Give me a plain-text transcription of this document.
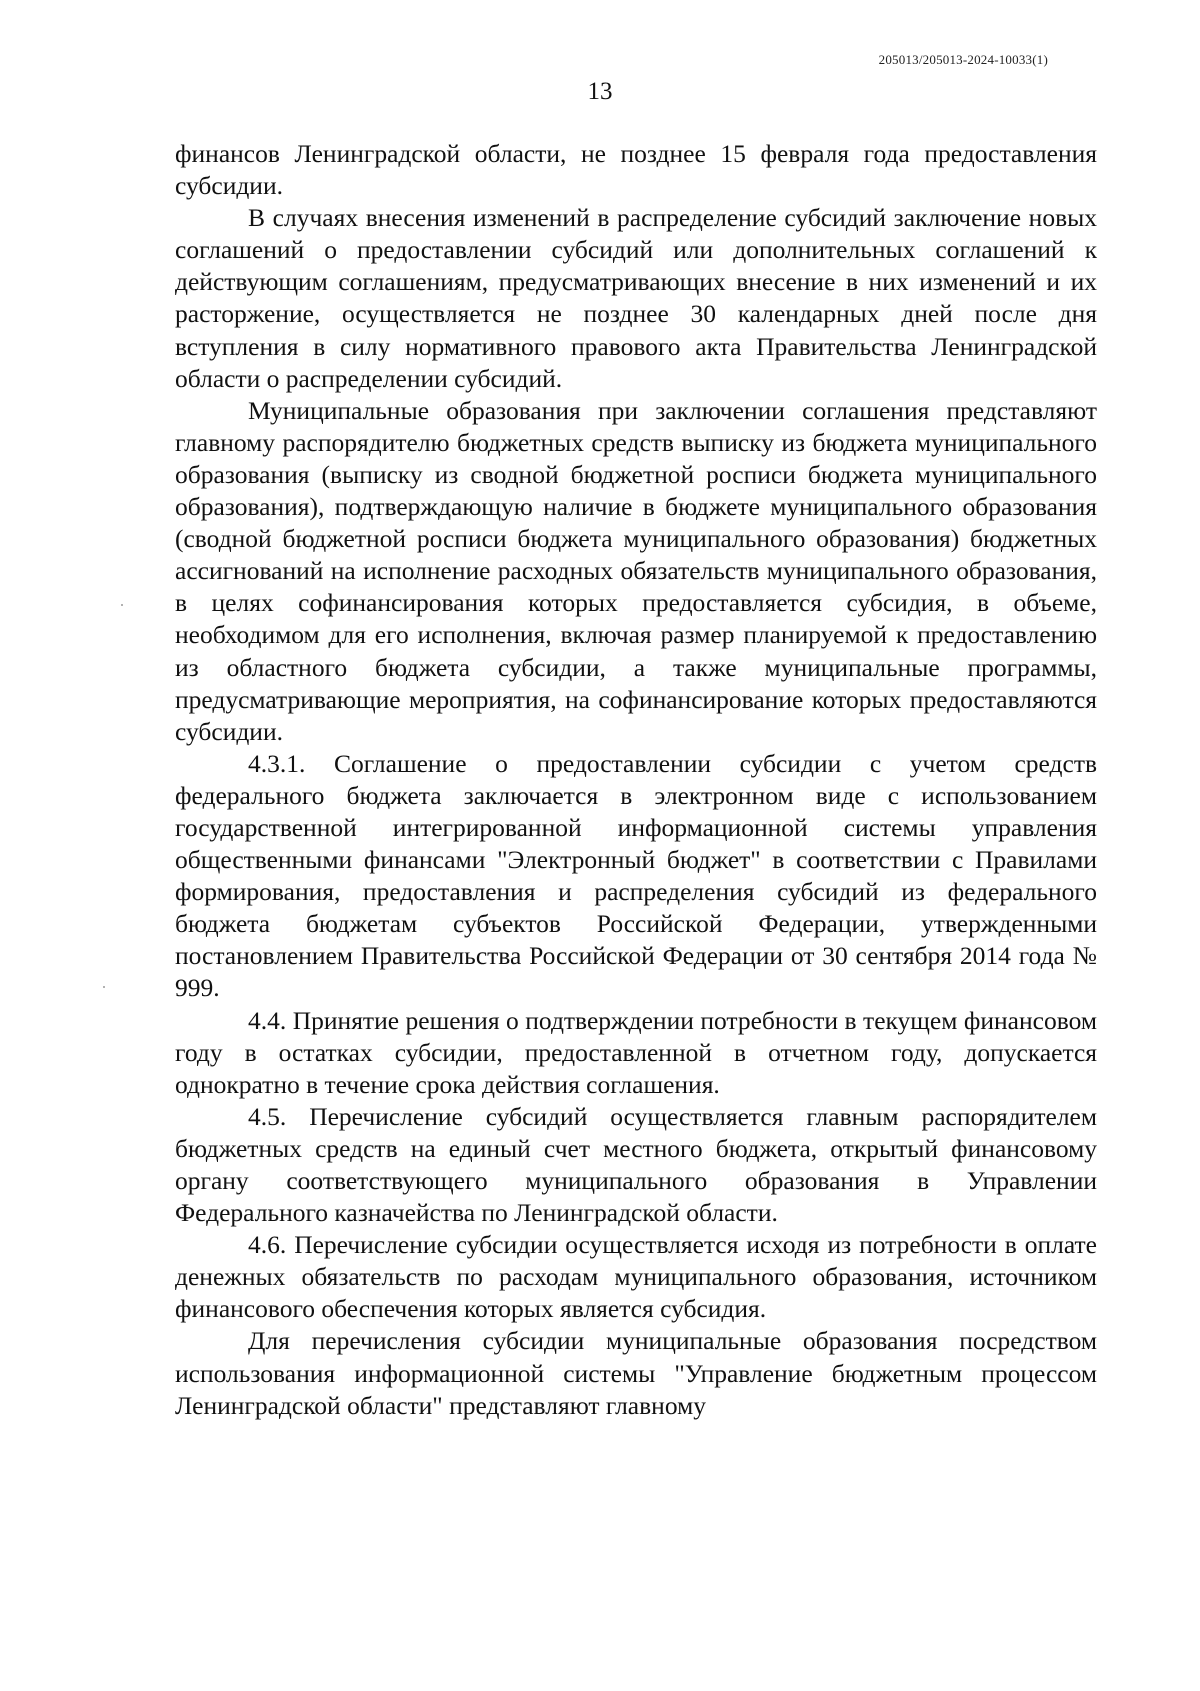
205013/205013-2024-10033(1)
13

финансов Ленинградской области, не позднее 15 февраля года предоставления субсидии.

В случаях внесения изменений в распределение субсидий заключение новых соглашений о предоставлении субсидий или дополнительных соглашений к действующим соглашениям, предусматривающих внесение в них изменений и их расторжение, осуществляется не позднее 30 календарных дней после дня вступления в силу нормативного правового акта Правительства Ленинградской области о распределении субсидий.

Муниципальные образования при заключении соглашения представляют главному распорядителю бюджетных средств выписку из бюджета муниципального образования (выписку из сводной бюджетной росписи бюджета муниципального образования), подтверждающую наличие в бюджете муниципального образования (сводной бюджетной росписи бюджета муниципального образования) бюджетных ассигнований на исполнение расходных обязательств муниципального образования, в целях софинансирования которых предоставляется субсидия, в объеме, необходимом для его исполнения, включая размер планируемой к предоставлению из областного бюджета субсидии, а также муниципальные программы, предусматривающие мероприятия, на софинансирование которых предоставляются субсидии.

4.3.1. Соглашение о предоставлении субсидии с учетом средств федерального бюджета заключается в электронном виде с использованием государственной интегрированной информационной системы управления общественными финансами "Электронный бюджет" в соответствии с Правилами формирования, предоставления и распределения субсидий из федерального бюджета бюджетам субъектов Российской Федерации, утвержденными постановлением Правительства Российской Федерации от 30 сентября 2014 года № 999.

4.4. Принятие решения о подтверждении потребности в текущем финансовом году в остатках субсидии, предоставленной в отчетном году, допускается однократно в течение срока действия соглашения.

4.5. Перечисление субсидий осуществляется главным распорядителем бюджетных средств на единый счет местного бюджета, открытый финансовому органу соответствующего муниципального образования в Управлении Федерального казначейства по Ленинградской области.

4.6. Перечисление субсидии осуществляется исходя из потребности в оплате денежных обязательств по расходам муниципального образования, источником финансового обеспечения которых является субсидия.

Для перечисления субсидии муниципальные образования посредством использования информационной системы "Управление бюджетным процессом Ленинградской области" представляют главному
